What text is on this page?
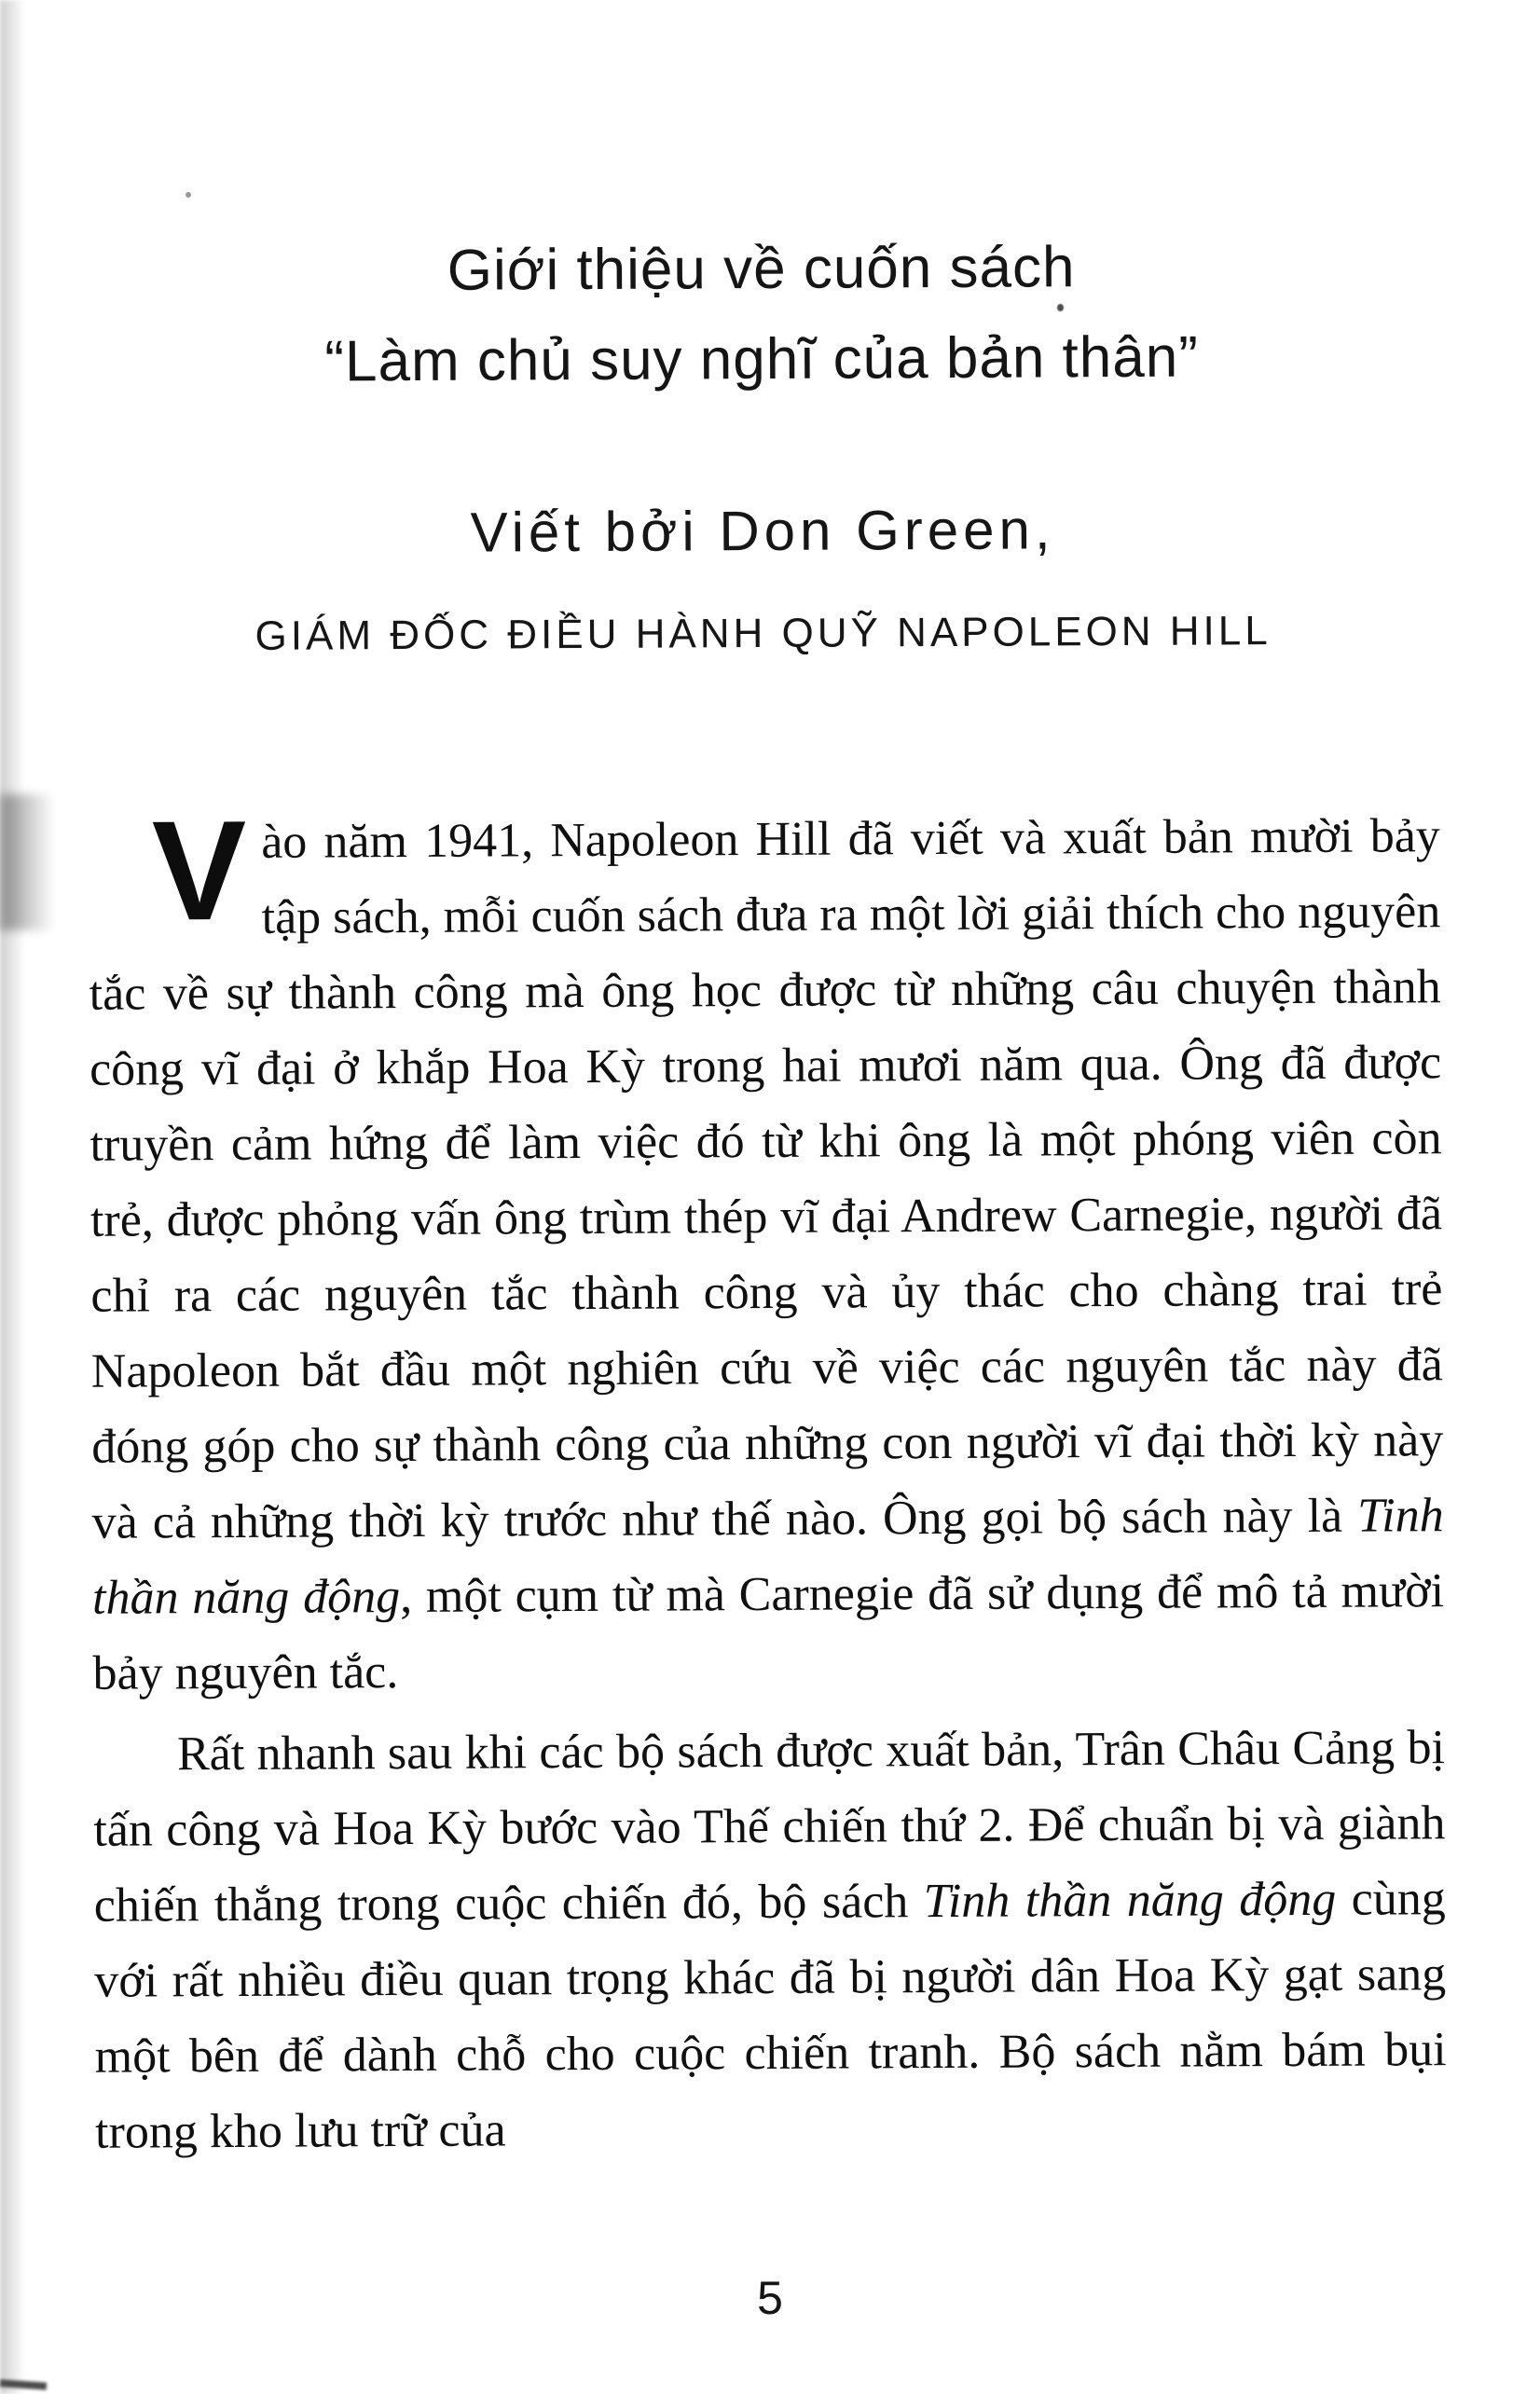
Giới thiệu về cuốn sách
“Làm chủ suy nghĩ của bản thân”
Viết bởi Don Green,
GIÁM ĐỐC ĐIỀU HÀNH QUỸ NAPOLEON HILL

Vào năm 1941, Napoleon Hill đã viết và xuất bản mười bảy tập sách, mỗi cuốn sách đưa ra một lời giải thích cho nguyên tắc về sự thành công mà ông học được từ những câu chuyện thành công vĩ đại ở khắp Hoa Kỳ trong hai mươi năm qua. Ông đã được truyền cảm hứng để làm việc đó từ khi ông là một phóng viên còn trẻ, được phỏng vấn ông trùm thép vĩ đại Andrew Carnegie, người đã chỉ ra các nguyên tắc thành công và ủy thác cho chàng trai trẻ Napoleon bắt đầu một nghiên cứu về việc các nguyên tắc này đã đóng góp cho sự thành công của những con người vĩ đại thời kỳ này và cả những thời kỳ trước như thế nào. Ông gọi bộ sách này là Tinh thần năng động, một cụm từ mà Carnegie đã sử dụng để mô tả mười bảy nguyên tắc.

Rất nhanh sau khi các bộ sách được xuất bản, Trân Châu Cảng bị tấn công và Hoa Kỳ bước vào Thế chiến thứ 2. Để chuẩn bị và giành chiến thắng trong cuộc chiến đó, bộ sách Tinh thần năng động cùng với rất nhiều điều quan trọng khác đã bị người dân Hoa Kỳ gạt sang một bên để dành chỗ cho cuộc chiến tranh. Bộ sách nằm bám bụi trong kho lưu trữ của

5
